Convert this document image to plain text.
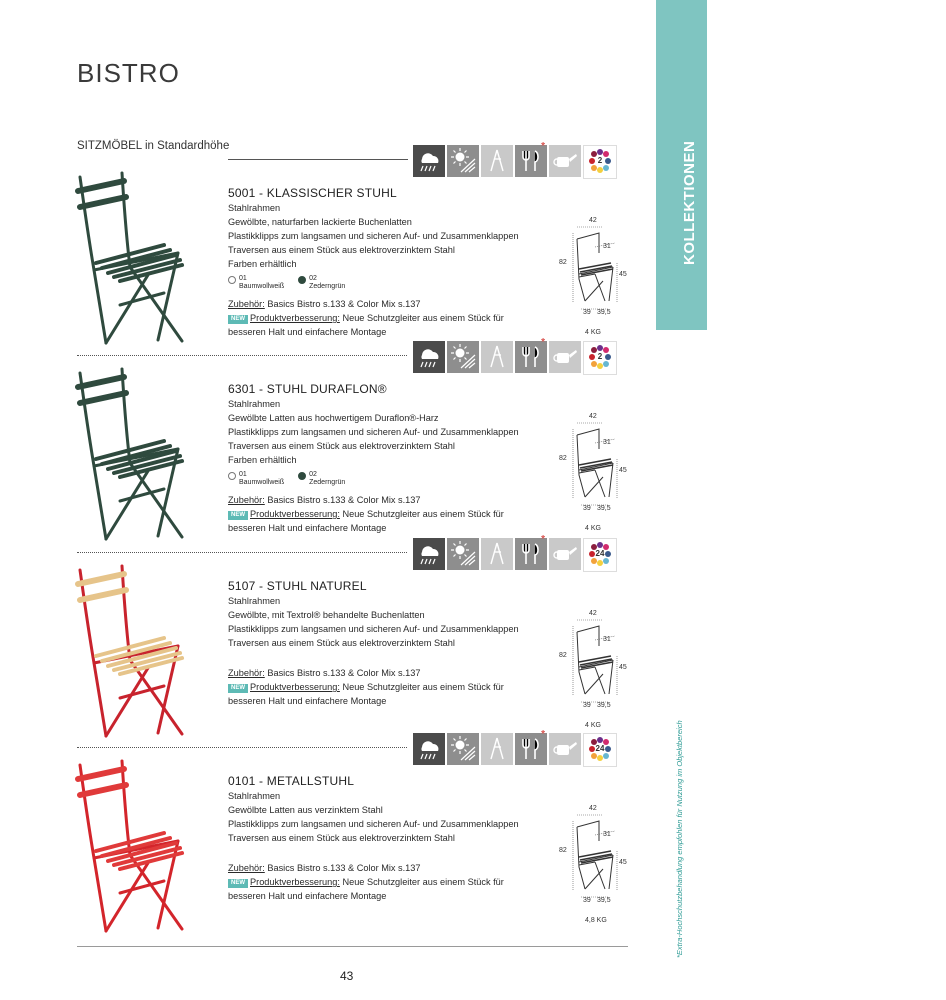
BISTRO
SITZMÖBEL in Standardhöhe
Unsere
KOLLEKTIONEN
*Extra-Hochschutzbehandlung empfohlen für Nutzung im Objektbereich
*
2
5001 - KLASSISCHER STUHL
Stahlrahmen
Gewölbte, naturfarben lackierte Buchenlatten
Plastikklipps zum langsamen und sicheren Auf- und Zusammenklappen
Traversen aus einem Stück aus elektroverzinktem Stahl
Farben erhältlich
01
Baumwollweiß
02
Zederngrün
Zubehör: Basics Bistro s.133 & Color Mix s.137
NEW Produktverbesserung: Neue Schutzgleiter aus einem Stück für
besseren Halt und einfachere Montage
42
31
82
45
39 39,5
4 KG
*
2
6301 - STUHL DURAFLON®
Stahlrahmen
Gewölbte Latten aus hochwertigem Duraflon®-Harz
Plastikklipps zum langsamen und sicheren Auf- und Zusammenklappen
Traversen aus einem Stück aus elektroverzinktem Stahl
Farben erhältlich
01
Baumwollweiß
02
Zederngrün
Zubehör: Basics Bistro s.133 & Color Mix s.137
NEW Produktverbesserung: Neue Schutzgleiter aus einem Stück für
besseren Halt und einfachere Montage
42
31
82
45
39 39,5
4 KG
*
24
5107 - STUHL NATUREL
Stahlrahmen
Gewölbte, mit Textrol® behandelte Buchenlatten
Plastikklipps zum langsamen und sicheren Auf- und Zusammenklappen
Traversen aus einem Stück aus elektroverzinktem Stahl
Zubehör: Basics Bistro s.133 & Color Mix s.137
NEW Produktverbesserung: Neue Schutzgleiter aus einem Stück für
besseren Halt und einfachere Montage
42
31
82
45
39 39,5
4 KG
*
24
0101 - METALLSTUHL
Stahlrahmen
Gewölbte Latten aus verzinktem Stahl
Plastikklipps zum langsamen und sicheren Auf- und Zusammenklappen
Traversen aus einem Stück aus elektroverzinktem Stahl
Zubehör: Basics Bistro s.133 & Color Mix s.137
NEW Produktverbesserung: Neue Schutzgleiter aus einem Stück für
besseren Halt und einfachere Montage
42
31
82
45
39 39,5
4,8 KG
43
